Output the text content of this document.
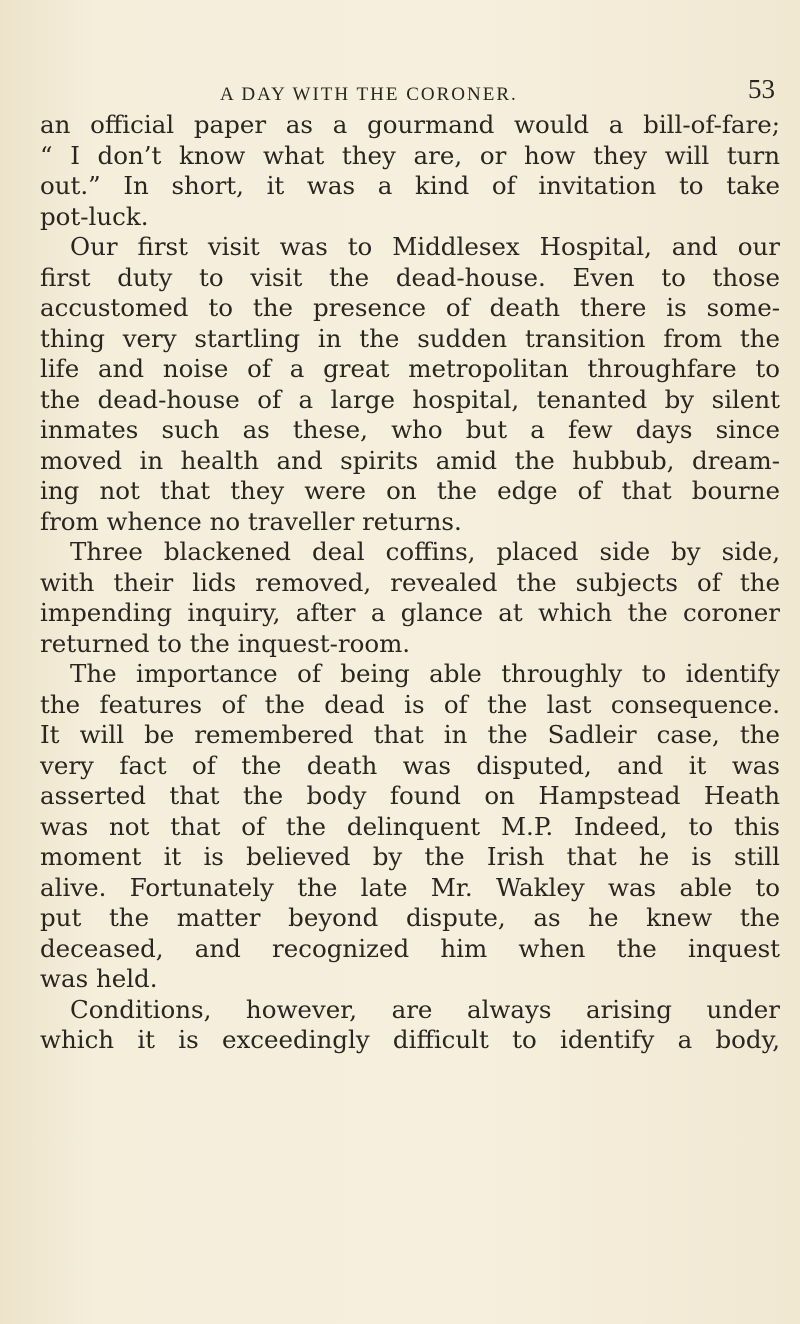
A DAY WITH THE CORONER.	53
an official paper as a gourmand would a bill-of-fare;
“ I don’t know what they are, or how they will turn
out.” In short, it was a kind of invitation to take
pot-luck.
Our first visit was to Middlesex Hospital, and our
first duty to visit the dead-house. Even to those
accustomed to the presence of death there is some-
thing very startling in the sudden transition from the
life and noise of a great metropolitan throughfare to
the dead-house of a large hospital, tenanted by silent
inmates such as these, who but a few days since
moved in health and spirits amid the hubbub, dream-
ing not that they were on the edge of that bourne
from whence no traveller returns.
Three blackened deal coffins, placed side by side,
with their lids removed, revealed the subjects of the
impending inquiry, after a glance at which the coroner
returned to the inquest-room.
The importance of being able throughly to identify
the features of the dead is of the last consequence.
It will be remembered that in the Sadleir case, the
very fact of the death was disputed, and it was
asserted that the body found on Hampstead Heath
was not that of the delinquent M.P. Indeed, to this
moment it is believed by the Irish that he is still
alive. Fortunately the late Mr. Wakley was able to
put the matter beyond dispute, as he knew the
deceased, and recognized him when the inquest
was held.
Conditions, however, are always arising under
which it is exceedingly difficult to identify a body,
